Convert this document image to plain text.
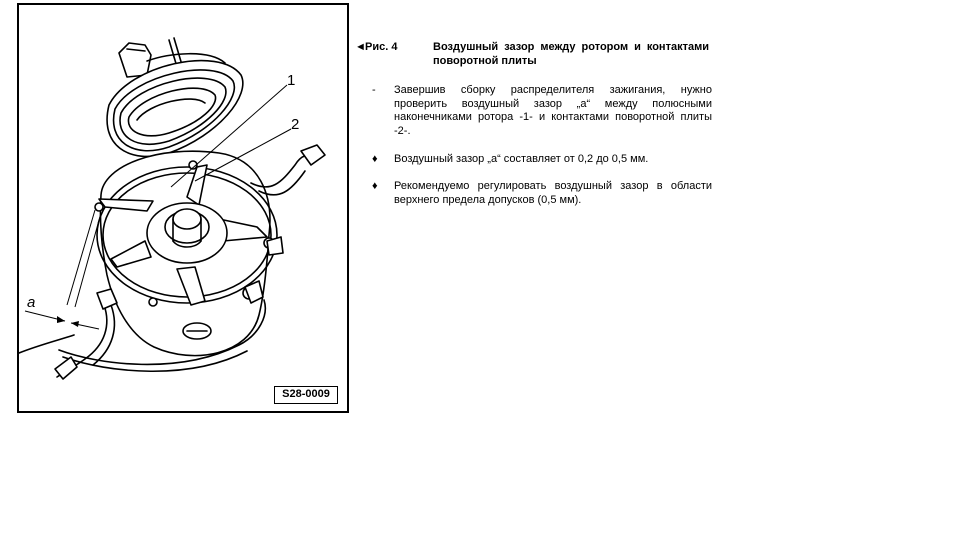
1
2
a
S28-0009
◄Рис. 4	Воздушный зазор между ротором и контактами поворотной плиты
-	Завершив сборку распределителя зажигания, нужно проверить воздушный зазор „a“ между полюсными наконечниками ротора -1- и контактами поворотной плиты -2-.
♦	Воздушный зазор „a“ составляет от 0,2 до 0,5 мм.
♦	Рекомендуемо регулировать воздушный зазор в области верхнего предела допусков (0,5 мм).
